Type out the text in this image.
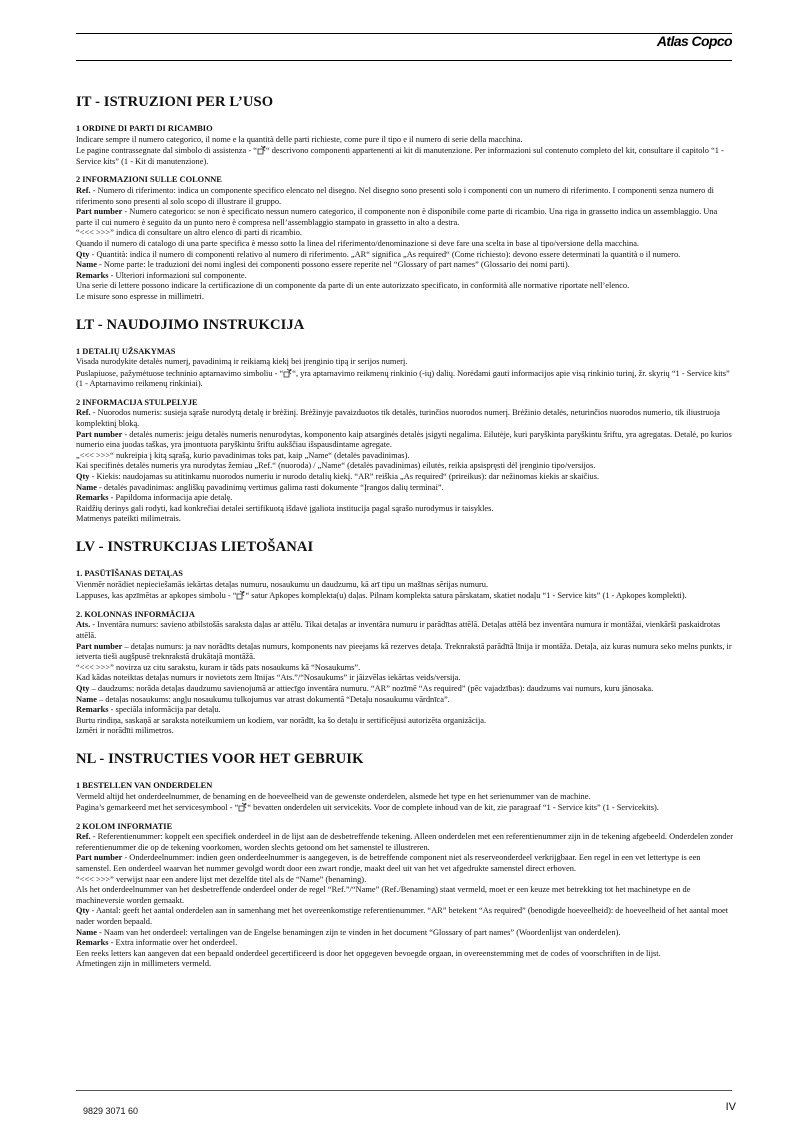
Atlas Copco
IT - ISTRUZIONI PER L’USO
1 ORDINE DI PARTI DI RICAMBIO

Indicare sempre il numero categorico, il nome e la quantità delle parti richieste, come pure il tipo e il numero di serie della macchina.

Le pagine contrassegnate dal simbolo di assistenza - “ “ descrivono componenti appartenenti ai kit di manutenzione. Per informazioni sul contenuto completo del kit, consultare il capitolo “1 - Service kits” (1 - Kit di manutenzione).

2 INFORMAZIONI SULLE COLONNE

Ref. - Numero di riferimento: indica un componente specifico elencato nel disegno. Nel disegno sono presenti solo i componenti con un numero di riferimento. I componenti senza numero di riferimento sono presenti al solo scopo di illustrare il gruppo.

Part number - Numero categorico: se non è specificato nessun numero categorico, il componente non è disponibile come parte di ricambio. Una riga in grassetto indica un assemblaggio. Una parte il cui numero è seguito da un punto nero è compresa nell’assemblaggio stampato in grassetto in alto a destra.

“<<< >>>” indica di consultare un altro elenco di parti di ricambio.

Quando il numero di catalogo di una parte specifica è messo sotto la linea del riferimento/denominazione si deve fare una scelta in base al tipo/versione della macchina.

Qty - Quantità: indica il numero di componenti relativo al numero di riferimento. „AR“ significa „As required“ (Come richiesto): devono essere determinati la quantità o il numero.

Name - Nome parte: le traduzioni dei nomi inglesi dei componenti possono essere reperite nel “Glossary of part names” (Glossario dei nomi parti).

Remarks - Ulteriori informazioni sul componente.

Una serie di lettere possono indicare la certificazione di un componente da parte di un ente autorizzato specificato, in conformità alle normative riportate nell’elenco.

Le misure sono espresse in millimetri.

LT - NAUDOJIMO INSTRUKCIJA
1 DETALIŲ UŽSAKYMAS

Visada nurodykite detalės numerį, pavadinimą ir reikiamą kiekį bei įrenginio tipą ir serijos numerį.

Puslapiuose, pažymėtuose techninio aptarnavimo simboliu - “ “, yra aptarnavimo reikmenų rinkinio (-ių) dalių. Norėdami gauti informacijos apie visą rinkinio turinį, žr. skyrių “1 - Service kits” (1 - Aptarnavimo reikmenų rinkiniai).

2 INFORMACIJA STULPELYJE

Ref. - Nuorodos numeris: susieja sąraše nurodytą detalę ir brėžinį. Brėžinyje pavaizduotos tik detalės, turinčios nuorodos numerį. Brėžinio detalės, neturinčios nuorodos numerio, tik iliustruoja komplektinį bloką.

Part number - detalės numeris: jeigu detalės numeris nenurodytas, komponento kaip atsarginės detalės įsigyti negalima. Eilutėje, kuri paryškinta paryškintu šriftu, yra agregatas. Detalė, po kurios numerio eina juodas taškas, yra įmontuota paryškintu šriftu aukščiau išspausdintame agregate.

„<<< >>>“ nukreipia į kitą sąrašą, kurio pavadinimas toks pat, kaip „Name“ (detalės pavadinimas).

Kai specifinės detalės numeris yra nurodytas žemiau „Ref.“ (nuoroda) / „Name“ (detalės pavadinimas) eilutės, reikia apsispręsti dėl įrenginio tipo/versijos.

Qty - Kiekis: naudojamas su atitinkamu nuorodos numeriu ir nurodo detalių kiekį. “AR” reiškia „As required“ (prireikus): dar nežinomas kiekis ar skaičius.

Name - detalės pavadinimas: angliškų pavadinimų vertimus galima rasti dokumente “Įrangos dalių terminai”.

Remarks - Papildoma informacija apie detalę.

Raidžių derinys gali rodyti, kad konkrečiai detalei sertifikuotą išdavė įgaliota institucija pagal sąrašo nurodymus ir taisykles.

Matmenys pateikti milimetrais.

LV - INSTRUKCIJAS LIETOŠANAI
1. PASŪTĪŠANAS DETAĻAS

Vienmēr norādiet nepieciešamās iekārtas detaļas numuru, nosaukumu un daudzumu, kā arī tipu un mašīnas sērijas numuru.

Lappuses, kas apzīmētas ar apkopes simbolu - “ “ satur Apkopes komplekta(u) daļas. Pilnam komplekta satura pārskatam, skatiet nodaļu “1 - Service kits” (1 - Apkopes komplekti).

2. KOLONNAS INFORMĀCIJA

Ats. - Inventāra numurs: savieno atbilstošās saraksta daļas ar attēlu. Tikai detaļas ar inventāra numuru ir parādītas attēlā. Detaļas attēlā bez inventāra numura ir montāžai, vienkārši paskaidrotas attēlā.

Part number – detaļas numurs: ja nav norādīts detaļas numurs, komponents nav pieejams kā rezerves detaļa. Treknrakstā parādītā līnija ir montāža. Detaļa, aiz kuras numura seko melns punkts, ir ietverta tieši augšpusē treknrakstā drukātajā montāžā.

“<<< >>>” novirza uz citu sarakstu, kuram ir tāds pats nosaukums kā “Nosaukums”.

Kad kādas noteiktas detaļas numurs ir novietots zem līnijas “Ats.”/“Nosaukums” ir jāizvēlas iekārtas veids/versija.

Qty – daudzums: norāda detaļas daudzumu savienojumā ar attiecīgo inventāra numuru. “AR” nozīmē “As required” (pēc vajadzības): daudzums vai numurs, kuru jānosaka.

Name – detaļas nosaukums: angļu nosaukumu tulkojumus var atrast dokumentā “Detaļu nosaukumu vārdnīca”.

Remarks - speciāla informācija par detaļu.

Burtu rindiņa, saskaņā ar saraksta noteikumiem un kodiem, var norādīt, ka šo detaļu ir sertificējusi autorizēta organizācija.

Izmēri ir norādīti milimetros.

NL - INSTRUCTIES VOOR HET GEBRUIK
1 BESTELLEN VAN ONDERDELEN

Vermeld altijd het onderdeelnummer, de benaming en de hoeveelheid van de gewenste onderdelen, alsmede het type en het serienummer van de machine.

Pagina’s gemarkeerd met het servicesymbool - “ “ bevatten onderdelen uit servicekits. Voor de complete inhoud van de kit, zie paragraaf “1 - Service kits” (1 - Servicekits).

2 KOLOM INFORMATIE

Ref. - Referentienummer: koppelt een specifiek onderdeel in de lijst aan de desbetreffende tekening. Alleen onderdelen met een referentienummer zijn in de tekening afgebeeld. Onderdelen zonder referentienummer die op de tekening voorkomen, worden slechts getoond om het samenstel te illustreren.

Part number - Onderdeelnummer: indien geen onderdeelnummer is aangegeven, is de betreffende component niet als reserveonderdeel verkrijgbaar. Een regel in een vet lettertype is een samenstel. Een onderdeel waarvan het nummer gevolgd wordt door een zwart rondje, maakt deel uit van het vet afgedrukte samenstel direct erboven.

“<<< >>>” verwijst naar een andere lijst met dezelfde titel als de “Name” (benaming).

Als het onderdeelnummer van het desbetreffende onderdeel onder de regel “Ref.”/“Name” (Ref./Benaming) staat vermeld, moet er een keuze met betrekking tot het machinetype en de machineversie worden gemaakt.

Qty - Aantal: geeft het aantal onderdelen aan in samenhang met het overeenkomstige referentienummer. “AR” betekent “As required” (benodigde hoeveelheid): de hoeveelheid of het aantal moet nader worden bepaald.

Name - Naam van het onderdeel: vertalingen van de Engelse benamingen zijn te vinden in het document “Glossary of part names” (Woordenlijst van onderdelen).

Remarks - Extra informatie over het onderdeel.

Een reeks letters kan aangeven dat een bepaald onderdeel gecertificeerd is door het opgegeven bevoegde orgaan, in overeenstemming met de codes of voorschriften in de lijst.

Afmetingen zijn in millimeters vermeld.

9829 3071 60	IV
